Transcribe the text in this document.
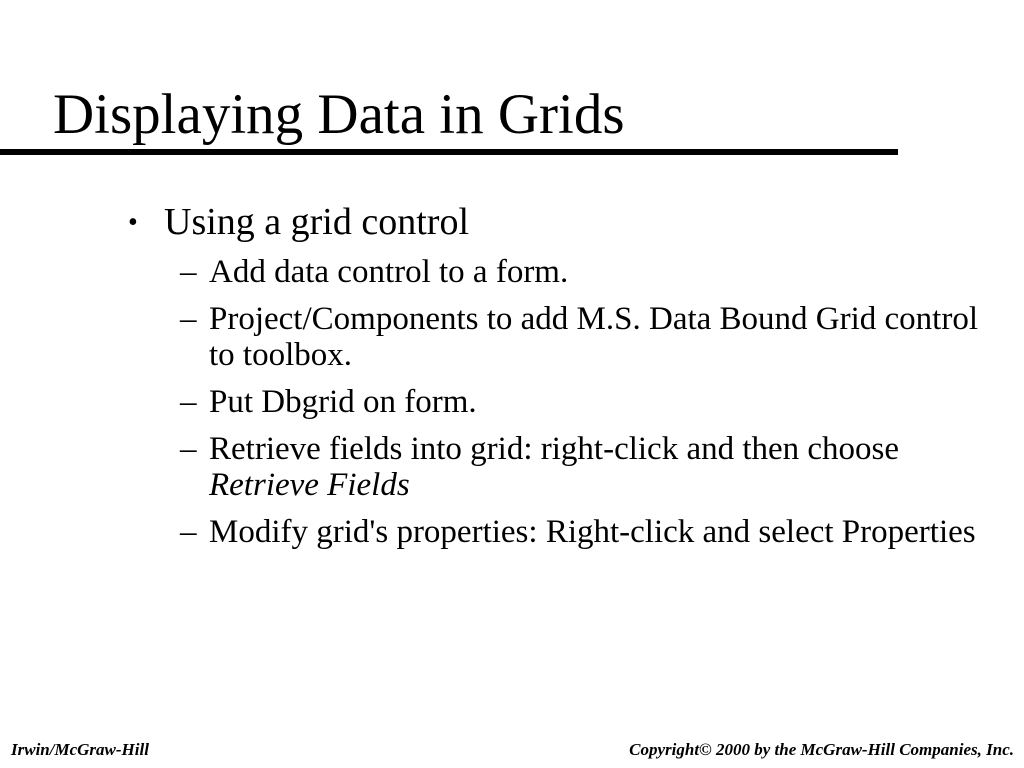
Displaying Data in Grids
• Using a grid control
– Add data control to a form.
– Project/Components to add M.S. Data Bound Grid control to toolbox.
– Put Dbgrid on form.
– Retrieve fields into grid: right-click and then choose Retrieve Fields
– Modify grid's properties: Right-click and select Properties
Irwin/McGraw-Hill	Copyright© 2000 by the McGraw-Hill Companies, Inc.
